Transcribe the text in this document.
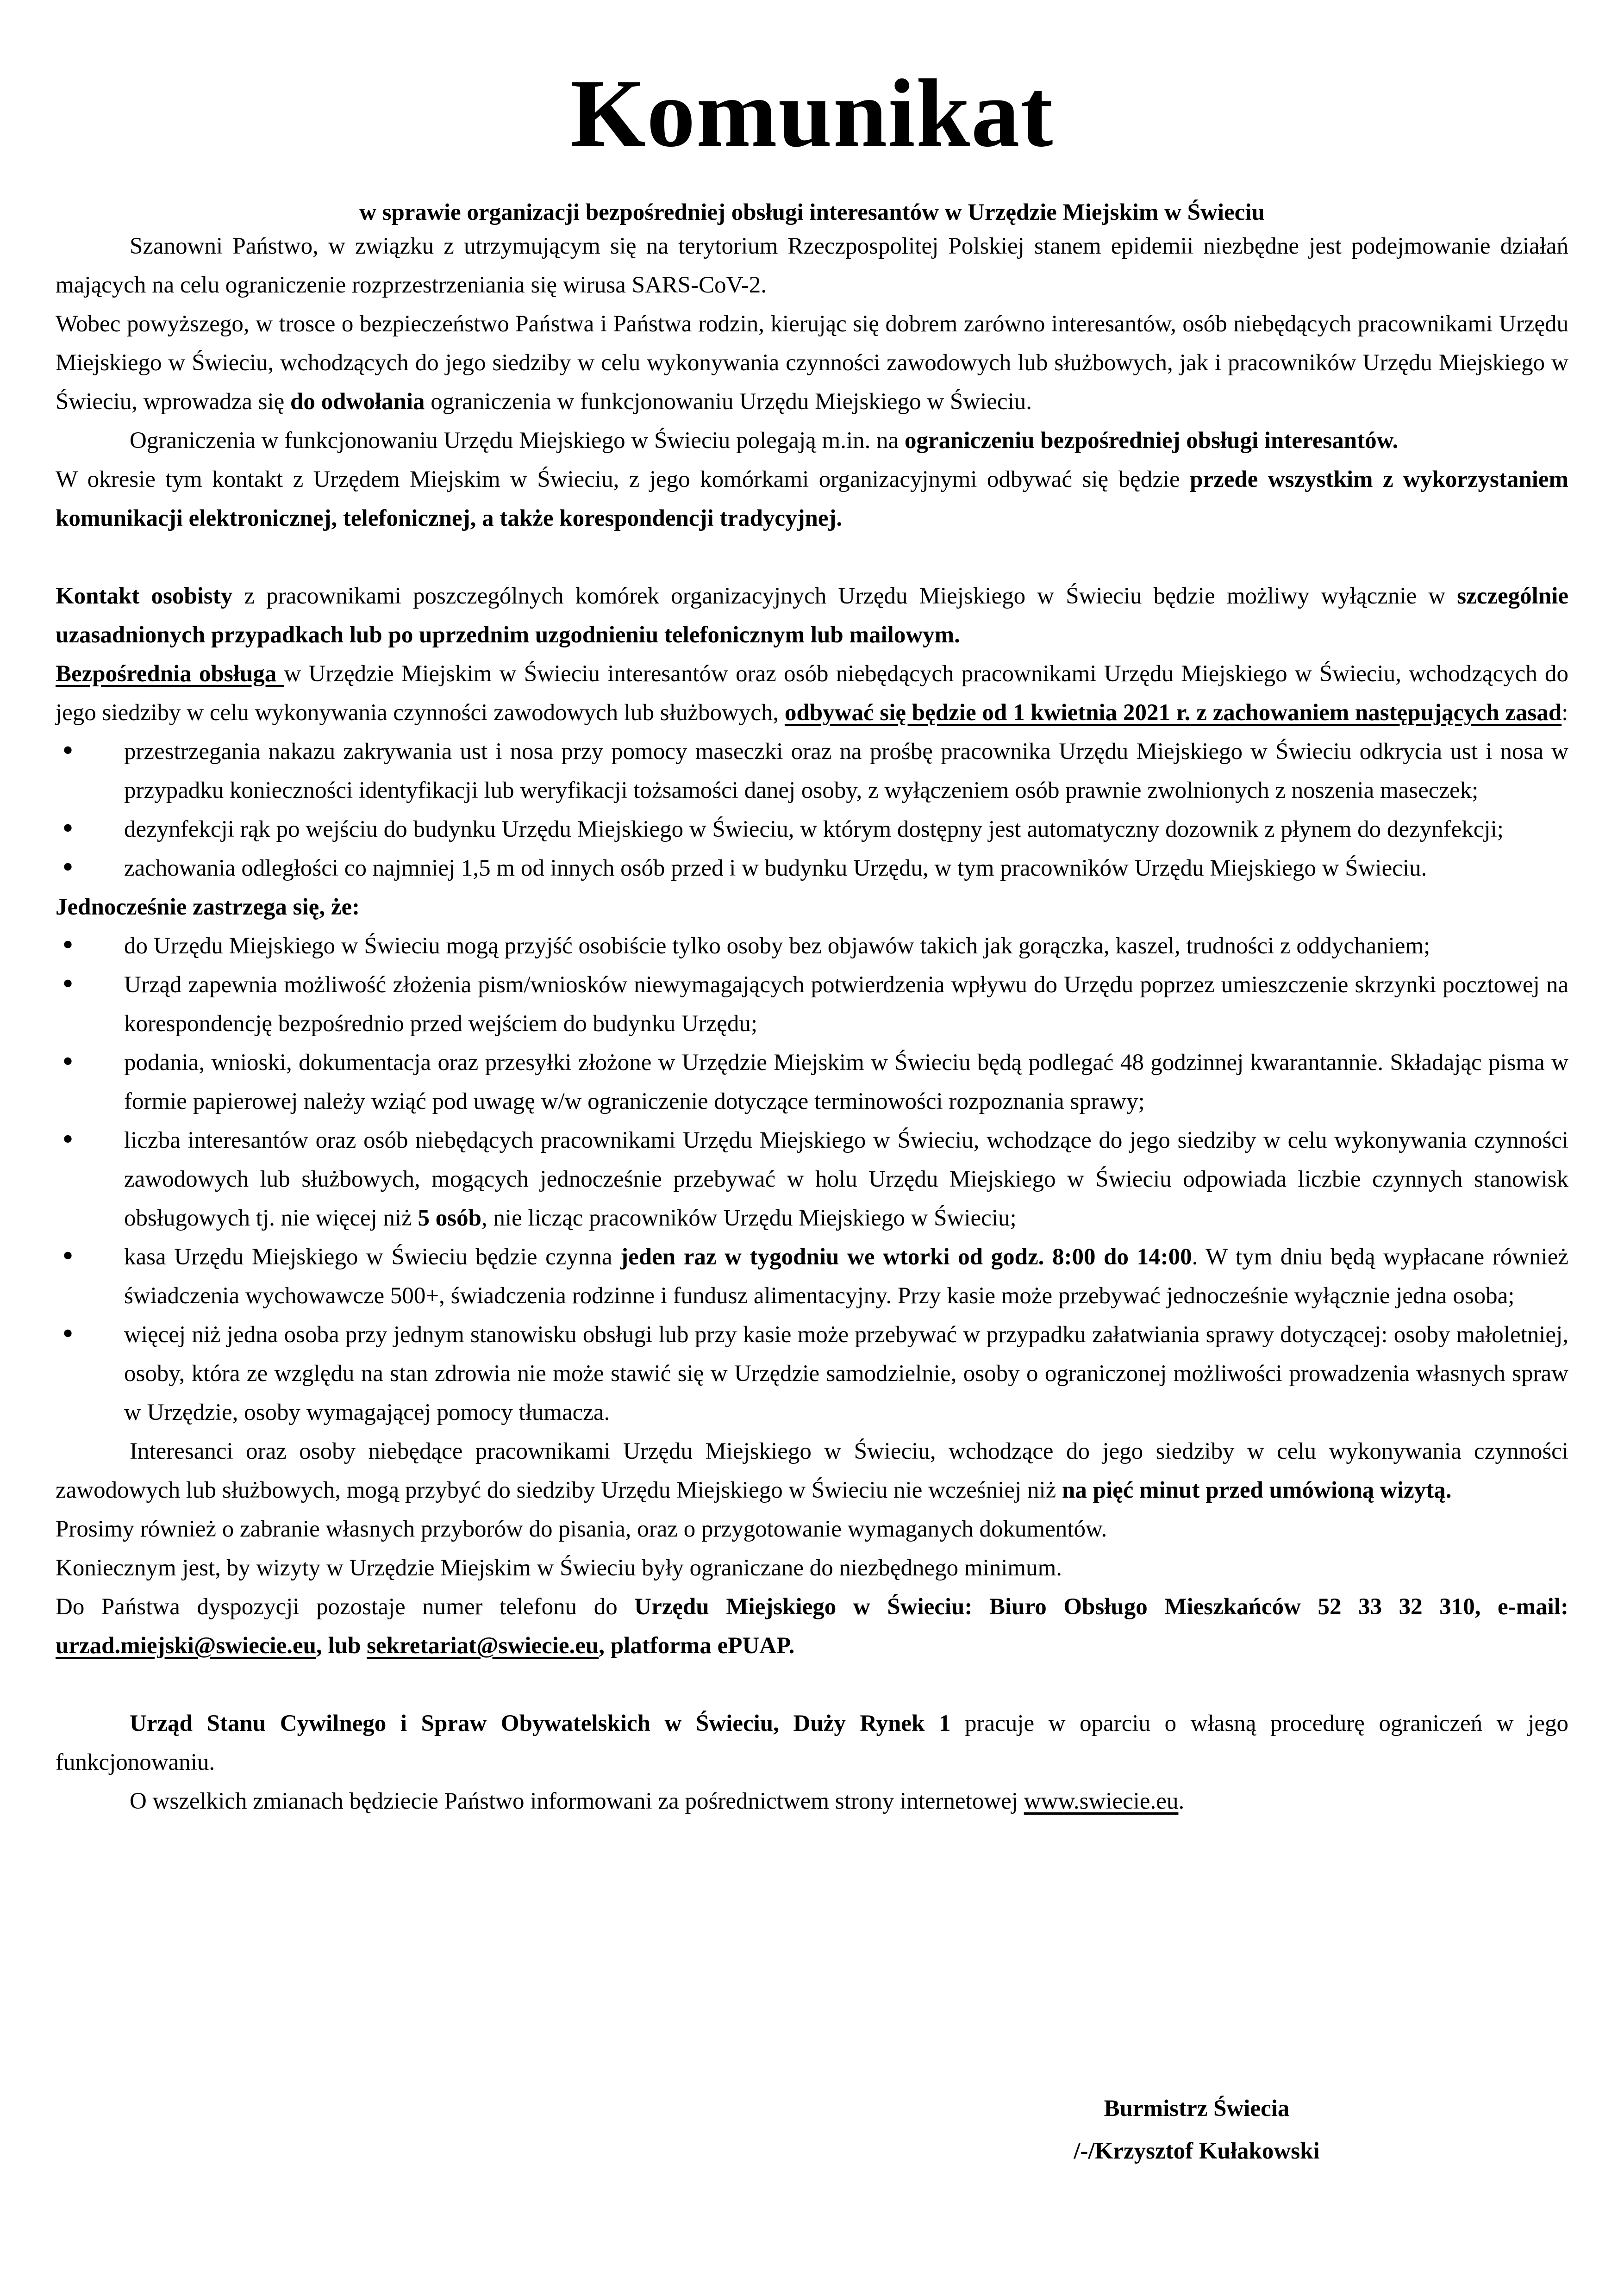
Komunikat
w sprawie organizacji bezpośredniej obsługi interesantów w Urzędzie Miejskim w Świeciu

Szanowni Państwo, w związku z utrzymującym się na terytorium Rzeczpospolitej Polskiej stanem epidemii niezbędne jest podejmowanie działań mających na celu ograniczenie rozprzestrzeniania się wirusa SARS-CoV-2.

Wobec powyższego, w trosce o bezpieczeństwo Państwa i Państwa rodzin, kierując się dobrem zarówno interesantów, osób niebędących pracownikami Urzędu Miejskiego w Świeciu, wchodzących do jego siedziby w celu wykonywania czynności zawodowych lub służbowych, jak i pracowników Urzędu Miejskiego w Świeciu, wprowadza się do odwołania ograniczenia w funkcjonowaniu Urzędu Miejskiego w Świeciu.

Ograniczenia w funkcjonowaniu Urzędu Miejskiego w Świeciu polegają m.in. na ograniczeniu bezpośredniej obsługi interesantów.

W okresie tym kontakt z Urzędem Miejskim w Świeciu, z jego komórkami organizacyjnymi odbywać się będzie przede wszystkim z wykorzystaniem komunikacji elektronicznej, telefonicznej, a także korespondencji tradycyjnej.

Kontakt osobisty z pracownikami poszczególnych komórek organizacyjnych Urzędu Miejskiego w Świeciu będzie możliwy wyłącznie w szczególnie uzasadnionych przypadkach lub po uprzednim uzgodnieniu telefonicznym lub mailowym.

Bezpośrednia obsługa w Urzędzie Miejskim w Świeciu interesantów oraz osób niebędących pracownikami Urzędu Miejskiego w Świeciu, wchodzących do jego siedziby w celu wykonywania czynności zawodowych lub służbowych, odbywać się będzie od 1 kwietnia 2021 r. z zachowaniem następujących zasad:

• przestrzegania nakazu zakrywania ust i nosa przy pomocy maseczki oraz na prośbę pracownika Urzędu Miejskiego w Świeciu odkrycia ust i nosa w przypadku konieczności identyfikacji lub weryfikacji tożsamości danej osoby, z wyłączeniem osób prawnie zwolnionych z noszenia maseczek;
• dezynfekcji rąk po wejściu do budynku Urzędu Miejskiego w Świeciu, w którym dostępny jest automatyczny dozownik z płynem do dezynfekcji;
• zachowania odległości co najmniej 1,5 m od innych osób przed i w budynku Urzędu, w tym pracowników Urzędu Miejskiego w Świeciu.

Jednocześnie zastrzega się, że:

• do Urzędu Miejskiego w Świeciu mogą przyjść osobiście tylko osoby bez objawów takich jak gorączka, kaszel, trudności z oddychaniem;
• Urząd zapewnia możliwość złożenia pism/wniosków niewymagających potwierdzenia wpływu do Urzędu poprzez umieszczenie skrzynki pocztowej na korespondencję bezpośrednio przed wejściem do budynku Urzędu;
• podania, wnioski, dokumentacja oraz przesyłki złożone w Urzędzie Miejskim w Świeciu będą podlegać 48 godzinnej kwarantannie. Składając pisma w formie papierowej należy wziąć pod uwagę w/w ograniczenie dotyczące terminowości rozpoznania sprawy;
• liczba interesantów oraz osób niebędących pracownikami Urzędu Miejskiego w Świeciu, wchodzące do jego siedziby w celu wykonywania czynności zawodowych lub służbowych, mogących jednocześnie przebywać w holu Urzędu Miejskiego w Świeciu odpowiada liczbie czynnych stanowisk obsługowych tj. nie więcej niż 5 osób, nie licząc pracowników Urzędu Miejskiego w Świeciu;
• kasa Urzędu Miejskiego w Świeciu będzie czynna jeden raz w tygodniu we wtorki od godz. 8:00 do 14:00. W tym dniu będą wypłacane również świadczenia wychowawcze 500+, świadczenia rodzinne i fundusz alimentacyjny. Przy kasie może przebywać jednocześnie wyłącznie jedna osoba;
• więcej niż jedna osoba przy jednym stanowisku obsługi lub przy kasie może przebywać w przypadku załatwiania sprawy dotyczącej: osoby małoletniej, osoby, która ze względu na stan zdrowia nie może stawić się w Urzędzie samodzielnie, osoby o ograniczonej możliwości prowadzenia własnych spraw w Urzędzie, osoby wymagającej pomocy tłumacza.

Interesanci oraz osoby niebędące pracownikami Urzędu Miejskiego w Świeciu, wchodzące do jego siedziby w celu wykonywania czynności zawodowych lub służbowych, mogą przybyć do siedziby Urzędu Miejskiego w Świeciu nie wcześniej niż na pięć minut przed umówioną wizytą.

Prosimy również o zabranie własnych przyborów do pisania, oraz o przygotowanie wymaganych dokumentów.

Koniecznym jest, by wizyty w Urzędzie Miejskim w Świeciu były ograniczane do niezbędnego minimum.

Do Państwa dyspozycji pozostaje numer telefonu do Urzędu Miejskiego w Świeciu: Biuro Obsługo Mieszkańców 52 33 32 310, e-mail: urzad.miejski@swiecie.eu, lub sekretariat@swiecie.eu, platforma ePUAP.

Urząd Stanu Cywilnego i Spraw Obywatelskich w Świeciu, Duży Rynek 1 pracuje w oparciu o własną procedurę ograniczeń w jego funkcjonowaniu.

O wszelkich zmianach będziecie Państwo informowani za pośrednictwem strony internetowej www.swiecie.eu.

Burmistrz Świecia
/-/Krzysztof Kułakowski
